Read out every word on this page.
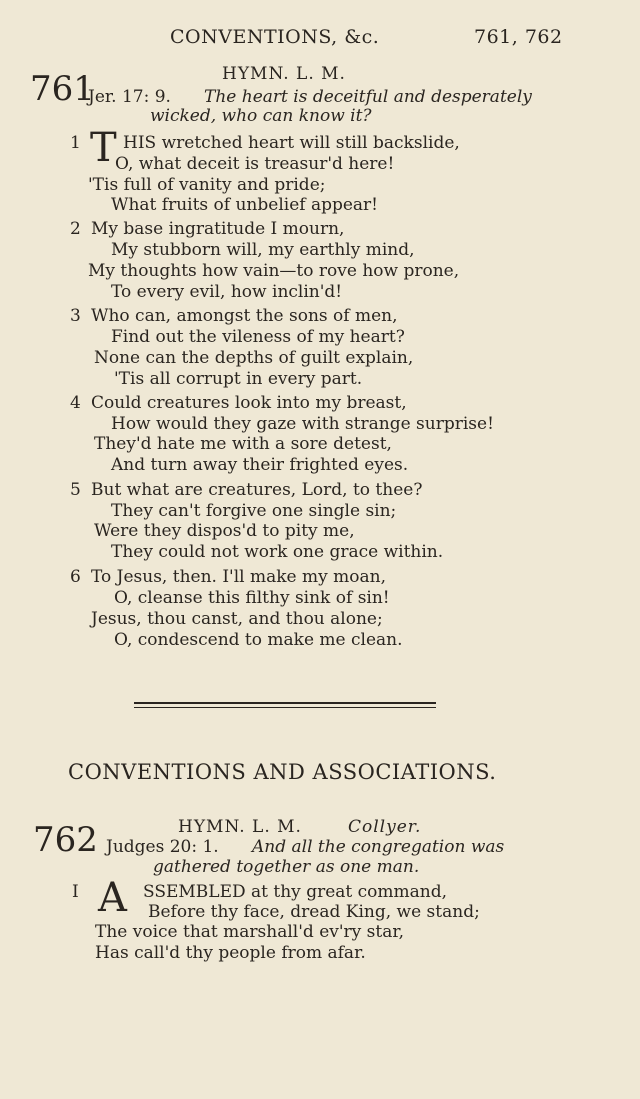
CONVENTIONS, &c.	761, 762
761	HYMN. L. M.
Jer. 17: 9. The heart is deceitful and desperately
wicked, who can know it?
1 T HIS wretched heart will still backslide,
O, what deceit is treasur'd here!
'Tis full of vanity and pride;
What fruits of unbelief appear!
2 My base ingratitude I mourn,
My stubborn will, my earthly mind,
My thoughts how vain—to rove how prone,
To every evil, how inclin'd!
3 Who can, amongst the sons of men,
Find out the vileness of my heart?
None can the depths of guilt explain,
'Tis all corrupt in every part.
4 Could creatures look into my breast,
How would they gaze with strange surprise!
They'd hate me with a sore detest,
And turn away their frighted eyes.
5 But what are creatures, Lord, to thee?
They can't forgive one single sin;
Were they dispos'd to pity me,
They could not work one grace within.
6 To Jesus, then. I'll make my moan,
O, cleanse this filthy sink of sin!
Jesus, thou canst, and thou alone;
O, condescend to make me clean.
CONVENTIONS AND ASSOCIATIONS.
762	HYMN. L. M.	Collyer.
Judges 20: 1. And all the congregation was
gathered together as one man.
I A SSEMBLED at thy great command,
Before thy face, dread King, we stand;
The voice that marshall'd ev'ry star,
Has call'd thy people from afar.
